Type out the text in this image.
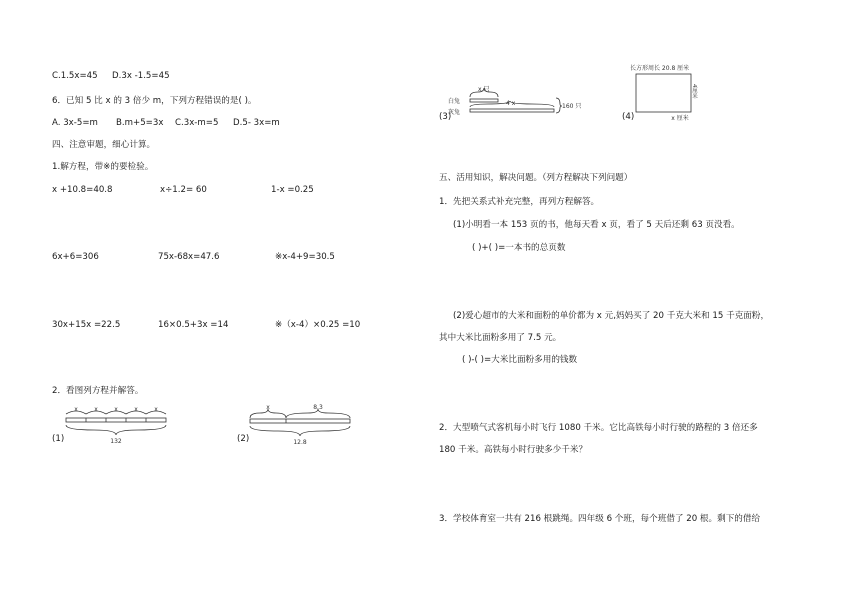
C.1.5x=45 D.3x -1.5=45
6．已知 5 比 x 的 3 倍少 m，下列方程错误的是( )。
A. 3x-5=m B.m+5=3x C.3x-m=5 D.5- 3x=m
四、注意审题，细心计算。
1.解方程，带※的要检验。
x +10.8=40.8	x÷1.2= 60	1-x =0.25
6x+6=306	75x-68x=47.6	※x-4+9=30.5
30x+15x =22.5	16×0.5+3x =14	※（x-4）×0.25 =10
2．看图列方程并解答。
(1)
x	x	x	x	x
132	(2)
x	8.3
12.8
(3)
白兔
灰兔
x 只
4 x	160 只
(4)
长方形周长 20.8 厘米
x 厘米
4厘米
五、活用知识，解决问题。（列方程解决下列问题）
1．先把关系式补充完整，再列方程解答。
(1)小明看一本 153 页的书，他每天看 x 页，看了 5 天后还剩 63 页没看。
( )+( )=一本书的总页数
(2)爱心超市的大米和面粉的单价都为 x 元,妈妈买了 20 千克大米和 15 千克面粉，
其中大米比面粉多用了 7.5 元。
( )-( )=大米比面粉多用的钱数
2．大型喷气式客机每小时飞行 1080 千米。它比高铁每小时行驶的路程的 3 倍还多
180 千米。高铁每小时行驶多少千米？
3．学校体育室一共有 216 根跳绳。四年级 6 个班，每个班借了 20 根。剩下的借给
